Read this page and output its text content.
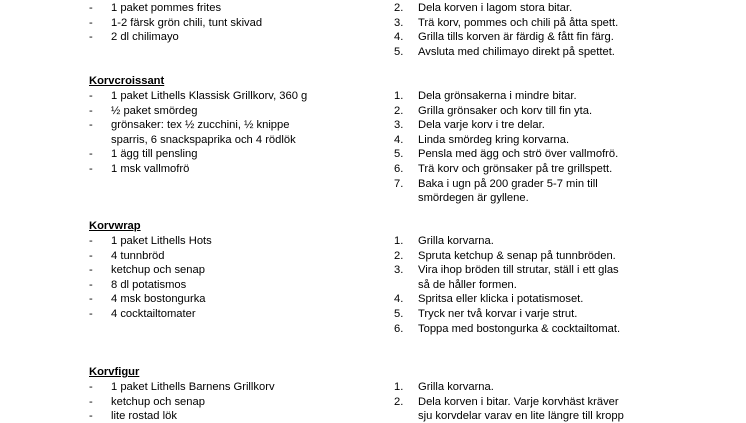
- 1 paket pommes frites
- 1-2 färsk grön chili, tunt skivad
- 2 dl chilimayo
2. Dela korven i lagom stora bitar.
3. Trä korv, pommes och chili på åtta spett.
4. Grilla tills korven är färdig & fått fin färg.
5. Avsluta med chilimayo direkt på spettet.
Korvcroissant
- 1 paket Lithells Klassisk Grillkorv, 360 g
- ½ paket smördeg
- grönsaker: tex ½ zucchini, ½ knippe
sparris, 6 snackspaprika och 4 rödlök
- 1 ägg till pensling
- 1 msk vallmofrö
1. Dela grönsakerna i mindre bitar.
2. Grilla grönsaker och korv till fin yta.
3. Dela varje korv i tre delar.
4. Linda smördeg kring korvarna.
5. Pensla med ägg och strö över vallmofrö.
6. Trä korv och grönsaker på tre grillspett.
7. Baka i ugn på 200 grader 5-7 min till
smördegen är gyllene.
Korvwrap
- 1 paket Lithells Hots
- 4 tunnbröd
- ketchup och senap
- 8 dl potatismos
- 4 msk bostongurka
- 4 cocktailtomater
1. Grilla korvarna.
2. Spruta ketchup & senap på tunnbröden.
3. Vira ihop bröden till strutar, ställ i ett glas
så de håller formen.
4. Spritsa eller klicka i potatismoset.
5. Tryck ner två korvar i varje strut.
6. Toppa med bostongurka & cocktailtomat.
Korvfigur
- 1 paket Lithells Barnens Grillkorv
- ketchup och senap
- lite rostad lök
1. Grilla korvarna.
2. Dela korven i bitar. Varje korvhäst kräver
sju korvdelar varav en lite längre till kropp
